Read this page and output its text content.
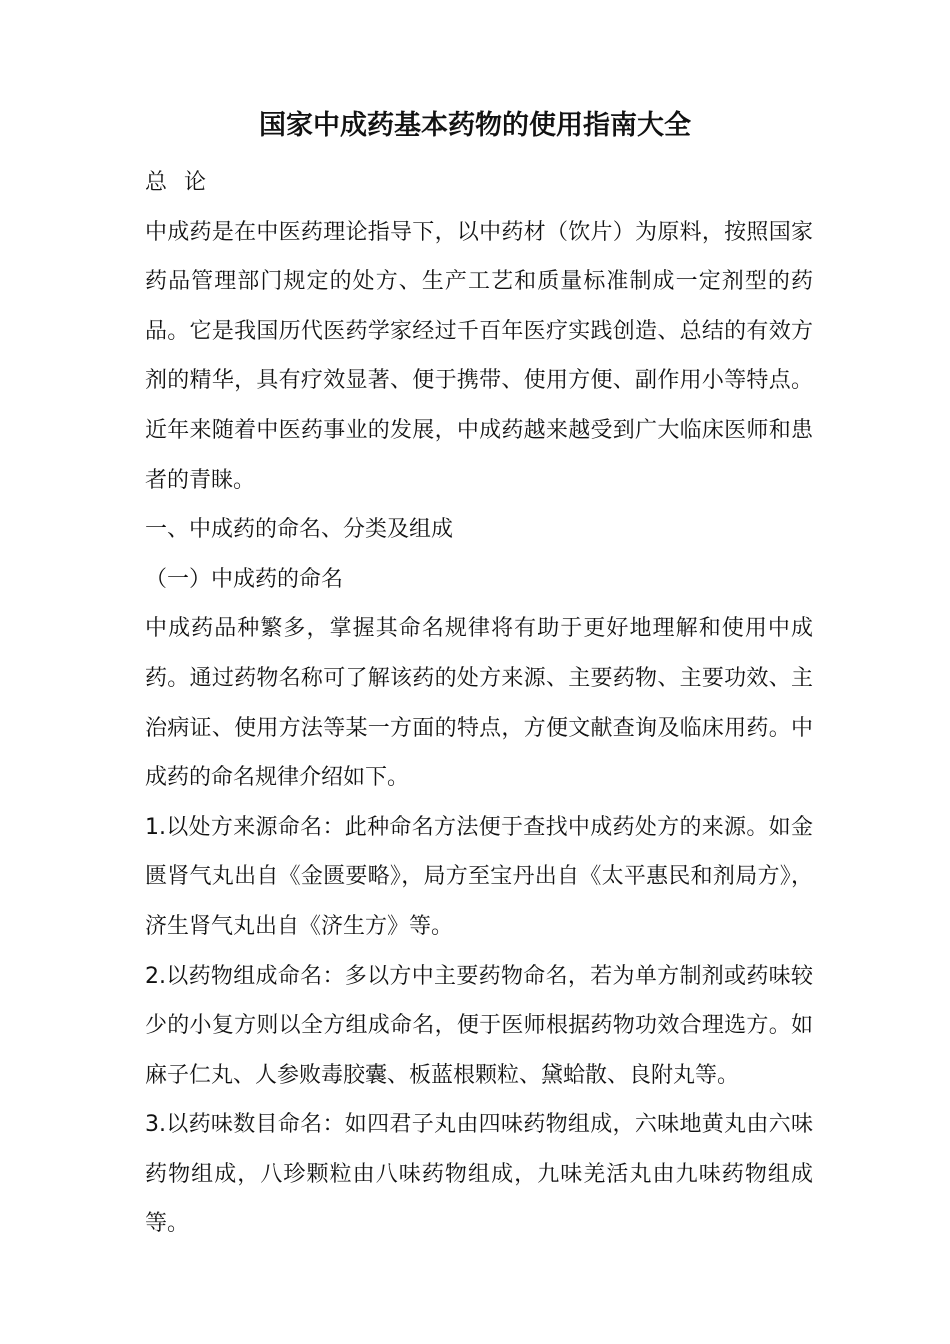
国家中成药基本药物的使用指南大全

总 论

中成药是在中医药理论指导下，以中药材（饮片）为原料，按照国家药品管理部门规定的处方、生产工艺和质量标准制成一定剂型的药品。它是我国历代医药学家经过千百年医疗实践创造、总结的有效方剂的精华，具有疗效显著、便于携带、使用方便、副作用小等特点。近年来随着中医药事业的发展，中成药越来越受到广大临床医师和患者的青睐。

一、中成药的命名、分类及组成

（一）中成药的命名

中成药品种繁多，掌握其命名规律将有助于更好地理解和使用中成药。通过药物名称可了解该药的处方来源、主要药物、主要功效、主治病证、使用方法等某一方面的特点，方便文献查询及临床用药。中成药的命名规律介绍如下。

1.以处方来源命名：此种命名方法便于查找中成药处方的来源。如金匮肾气丸出自《金匮要略》，局方至宝丹出自《太平惠民和剂局方》，济生肾气丸出自《济生方》等。

2.以药物组成命名：多以方中主要药物命名，若为单方制剂或药味较少的小复方则以全方组成命名，便于医师根据药物功效合理选方。如麻子仁丸、人参败毒胶囊、板蓝根颗粒、黛蛤散、良附丸等。

3.以药味数目命名：如四君子丸由四味药物组成，六味地黄丸由六味药物组成，八珍颗粒由八味药物组成，九味羌活丸由九味药物组成等。
